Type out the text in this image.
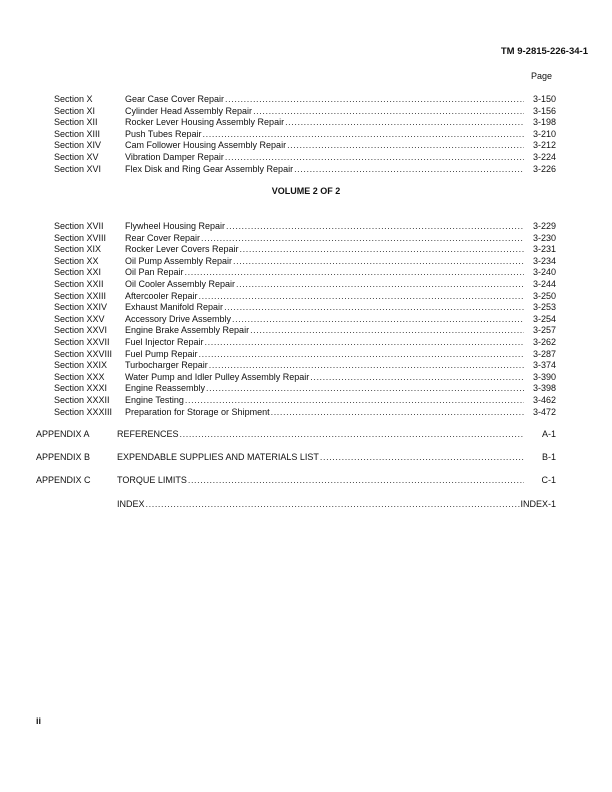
TM 9-2815-226-34-1
Page
Section X	Gear Case Cover Repair .....	3-150
Section XI	Cylinder Head Assembly Repair .....	3-156
Section XII	Rocker Lever Housing Assembly Repair .....	3-198
Section XIII	Push Tubes Repair .....	3-210
Section XIV	Cam Follower Housing Assembly Repair .....	3-212
Section XV	Vibration Damper Repair .....	3-224
Section XVI	Flex Disk and Ring Gear Assembly Repair .....	3-226
VOLUME 2 OF 2
Section XVII	Flywheel Housing Repair .....	3-229
Section XVIII	Rear Cover Repair .....	3-230
Section XIX	Rocker Lever Covers Repair .....	3-231
Section XX	Oil Pump Assembly Repair .....	3-234
Section XXI	Oil Pan Repair .....	3-240
Section XXII	Oil Cooler Assembly Repair .....	3-244
Section XXIII	Aftercooler Repair .....	3-250
Section XXIV	Exhaust Manifold Repair .....	3-253
Section XXV	Accessory Drive Assembly .....	3-254
Section XXVI	Engine Brake Assembly Repair .....	3-257
Section XXVII	Fuel Injector Repair .....	3-262
Section XXVIII	Fuel Pump Repair .....	3-287
Section XXIX	Turbocharger Repair .....	3-374
Section XXX	Water Pump and Idler Pulley Assembly Repair .....	3-390
Section XXXI	Engine Reassembly .....	3-398
Section XXXII	Engine Testing .....	3-462
Section XXXIII	Preparation for Storage or Shipment .....	3-472
APPENDIX A	REFERENCES .....	A-1
APPENDIX B	EXPENDABLE SUPPLIES AND MATERIALS LIST .....	B-1
APPENDIX C	TORQUE LIMITS .....	C-1
INDEX .....	INDEX-1
ii
